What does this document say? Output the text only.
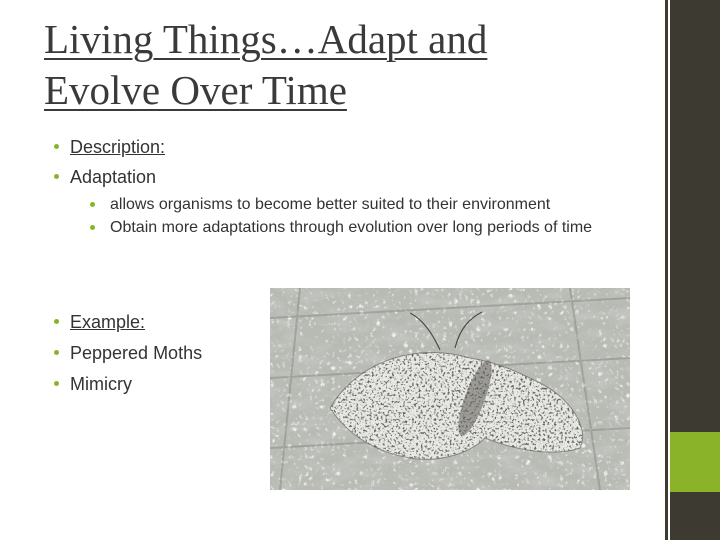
Living Things…Adapt and
Evolve Over Time
Description:
Adaptation
allows organisms to become better suited to their environment
Obtain more adaptations through evolution over long periods of time
Example:
Peppered Moths
Mimicry
